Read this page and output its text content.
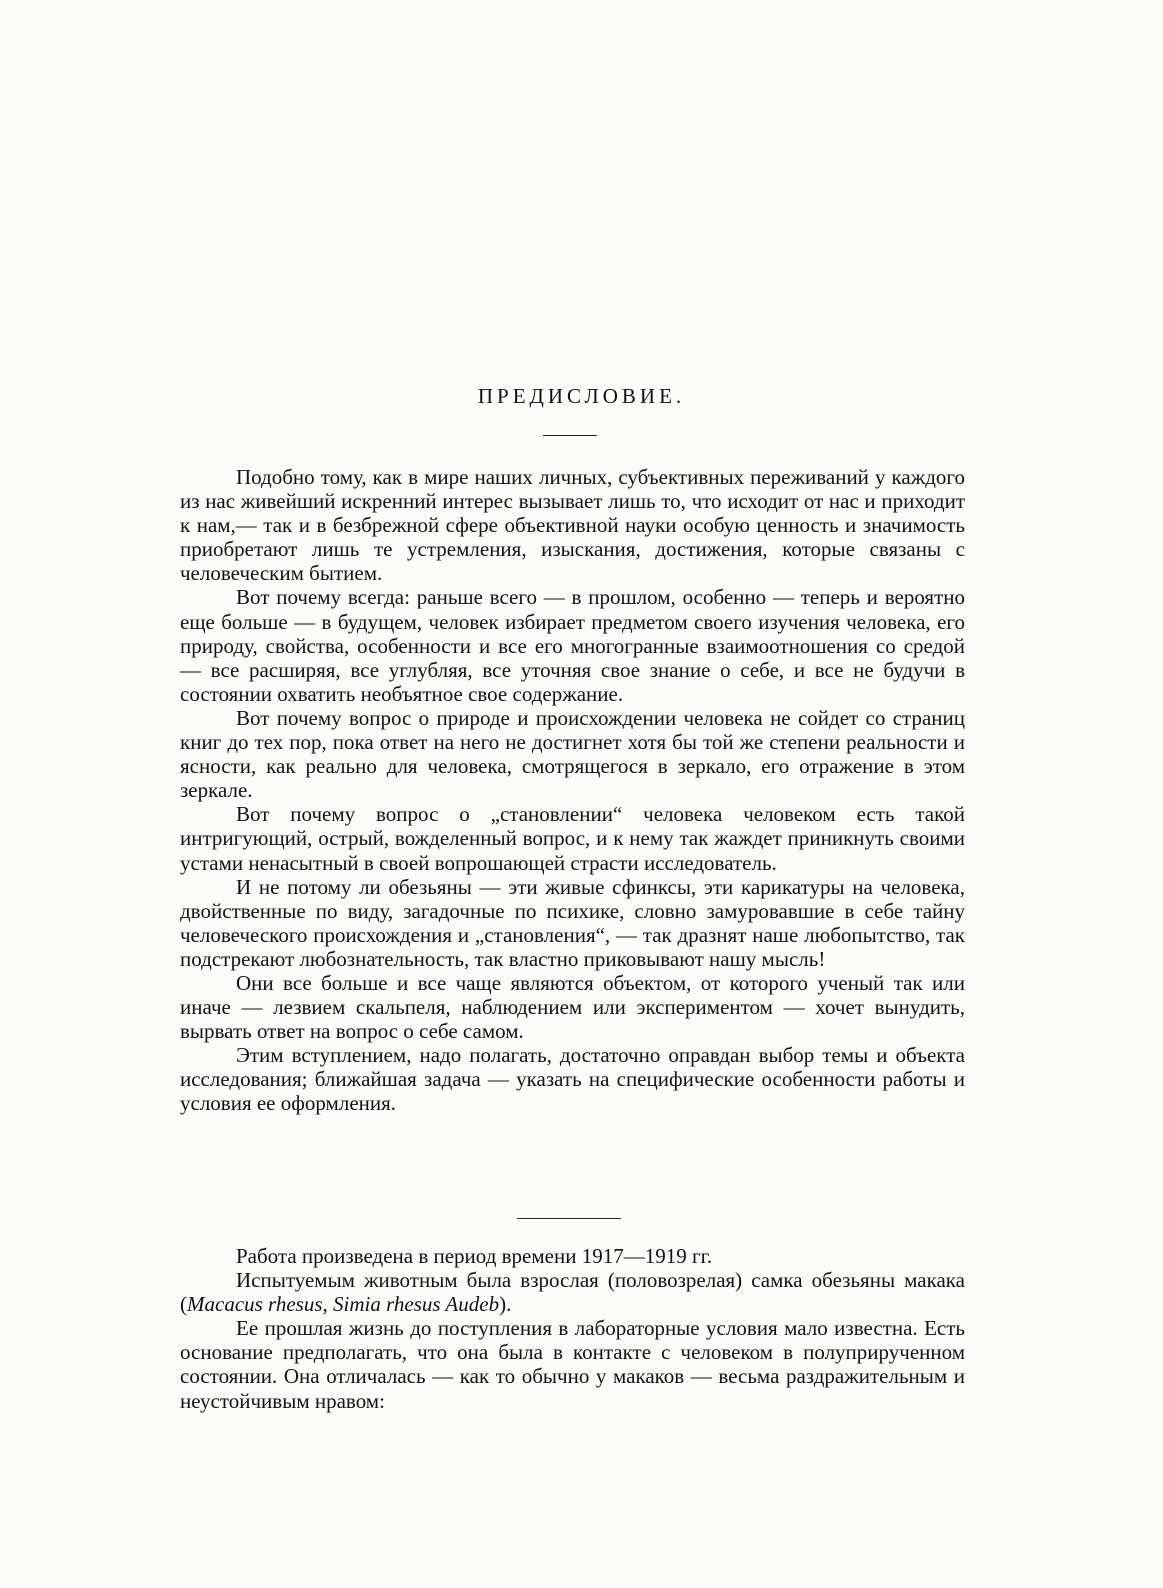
ПРЕДИСЛОВИЕ.

Подобно тому, как в мире наших личных, субъективных переживаний у каждого из нас живейший искренний интерес вызывает лишь то, что исходит от нас и приходит к нам,— так и в безбрежной сфере объективной науки особую ценность и значимость приобретают лишь те устремления, изыскания, достижения, которые связаны с человеческим бытием.

Вот почему всегда: раньше всего — в прошлом, особенно — теперь и вероятно еще больше — в будущем, человек избирает предметом своего изучения человека, его природу, свойства, особенности и все его многогранные взаимоотношения со средой — все расширяя, все углубляя, все уточняя свое знание о себе, и все не будучи в состоянии охватить необъятное свое содержание.

Вот почему вопрос о природе и происхождении человека не сойдет со страниц книг до тех пор, пока ответ на него не достигнет хотя бы той же степени реальности и ясности, как реально для человека, смотрящегося в зеркало, его отражение в этом зеркале.

Вот почему вопрос о „становлении“ человека человеком есть такой интригующий, острый, вожделенный вопрос, и к нему так жаждет приникнуть своими устами ненасытный в своей вопрошающей страсти исследователь.

И не потому ли обезьяны — эти живые сфинксы, эти карикатуры на человека, двойственные по виду, загадочные по психике, словно замуровавшие в себе тайну человеческого происхождения и „становления“, — так дразнят наше любопытство, так подстрекают любознательность, так властно приковывают нашу мысль!

Они все больше и все чаще являются объектом, от которого ученый так или иначе — лезвием скальпеля, наблюдением или экспериментом — хочет вынудить, вырвать ответ на вопрос о себе самом.

Этим вступлением, надо полагать, достаточно оправдан выбор темы и объекта исследования; ближайшая задача — указать на специфические особенности работы и условия ее оформления.

Работа произведена в период времени 1917—1919 гг.

Испытуемым животным была взрослая (половозрелая) самка обезьяны макака (Macacus rhesus, Simia rhesus Audeb).

Ее прошлая жизнь до поступления в лабораторные условия мало известна. Есть основание предполагать, что она была в контакте с человеком в полуприрученном состоянии. Она отличалась — как то обычно у макаков — весьма раздражительным и неустойчивым нравом:
